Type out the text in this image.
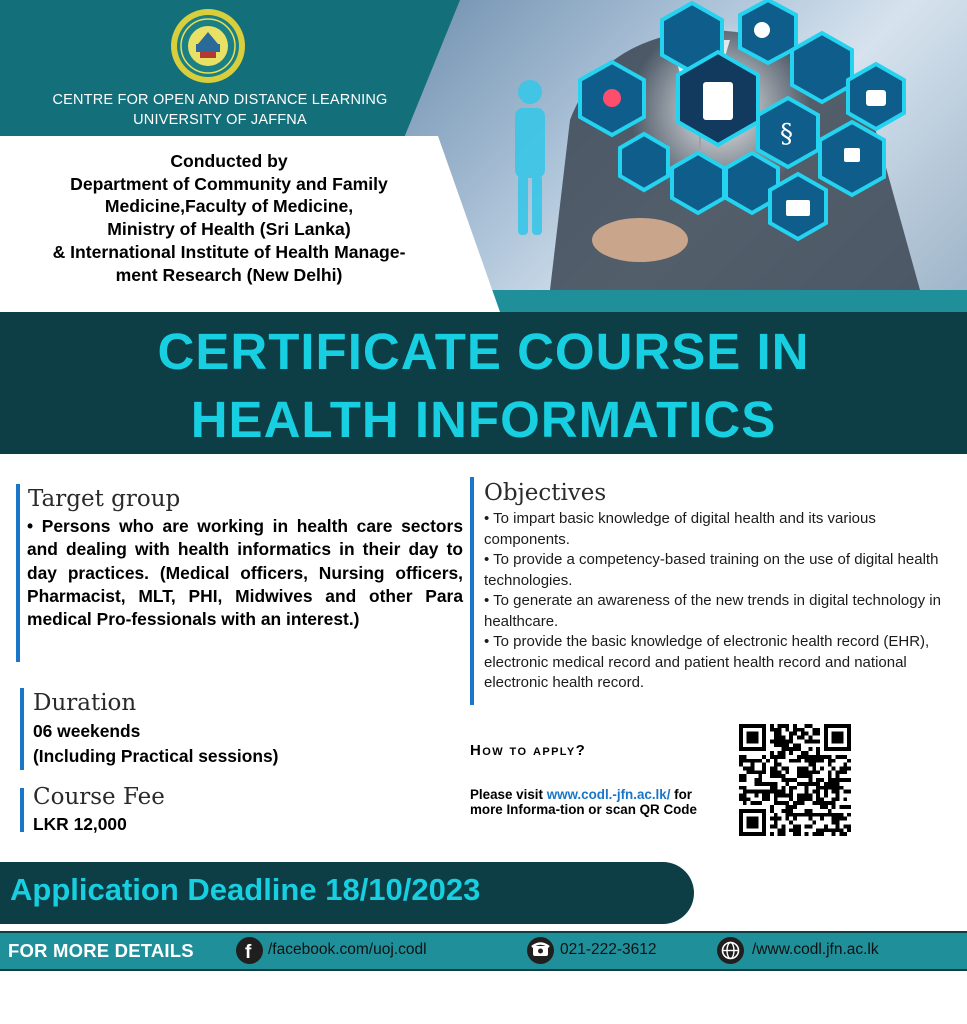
§
CENTRE FOR OPEN AND DISTANCE LEARNING
UNIVERSITY OF JAFFNA
Conducted by
Department of Community and Family
Medicine,Faculty of Medicine,
Ministry of Health (Sri Lanka)
& International Institute of Health Manage-
ment Research (New Delhi)
CERTIFICATE COURSE IN
HEALTH INFORMATICS
Target group
• Persons who are working in health care sectors and dealing with health informatics in their day to day practices. (Medical officers, Nursing officers, Pharmacist, MLT, PHI, Midwives and other Para medical Pro-fessionals with an interest.)
Duration
06 weekends
(Including Practical sessions)
Course Fee
LKR 12,000
Objectives
• To impart basic knowledge of digital health and its various components.
• To provide a competency-based training on the use of digital health technologies.
• To generate an awareness of the new trends in digital technology in healthcare.
• To provide the basic knowledge of electronic health record (EHR), electronic medical record and patient health record and national electronic health record.
How to apply?
Please visit www.codl.-jfn.ac.lk/ for more Informa-tion or scan QR Code
Application Deadline 18/10/2023
FOR MORE DETAILS	f /facebook.com/uoj.codl	021-222-3612	/www.codl.jfn.ac.lk
